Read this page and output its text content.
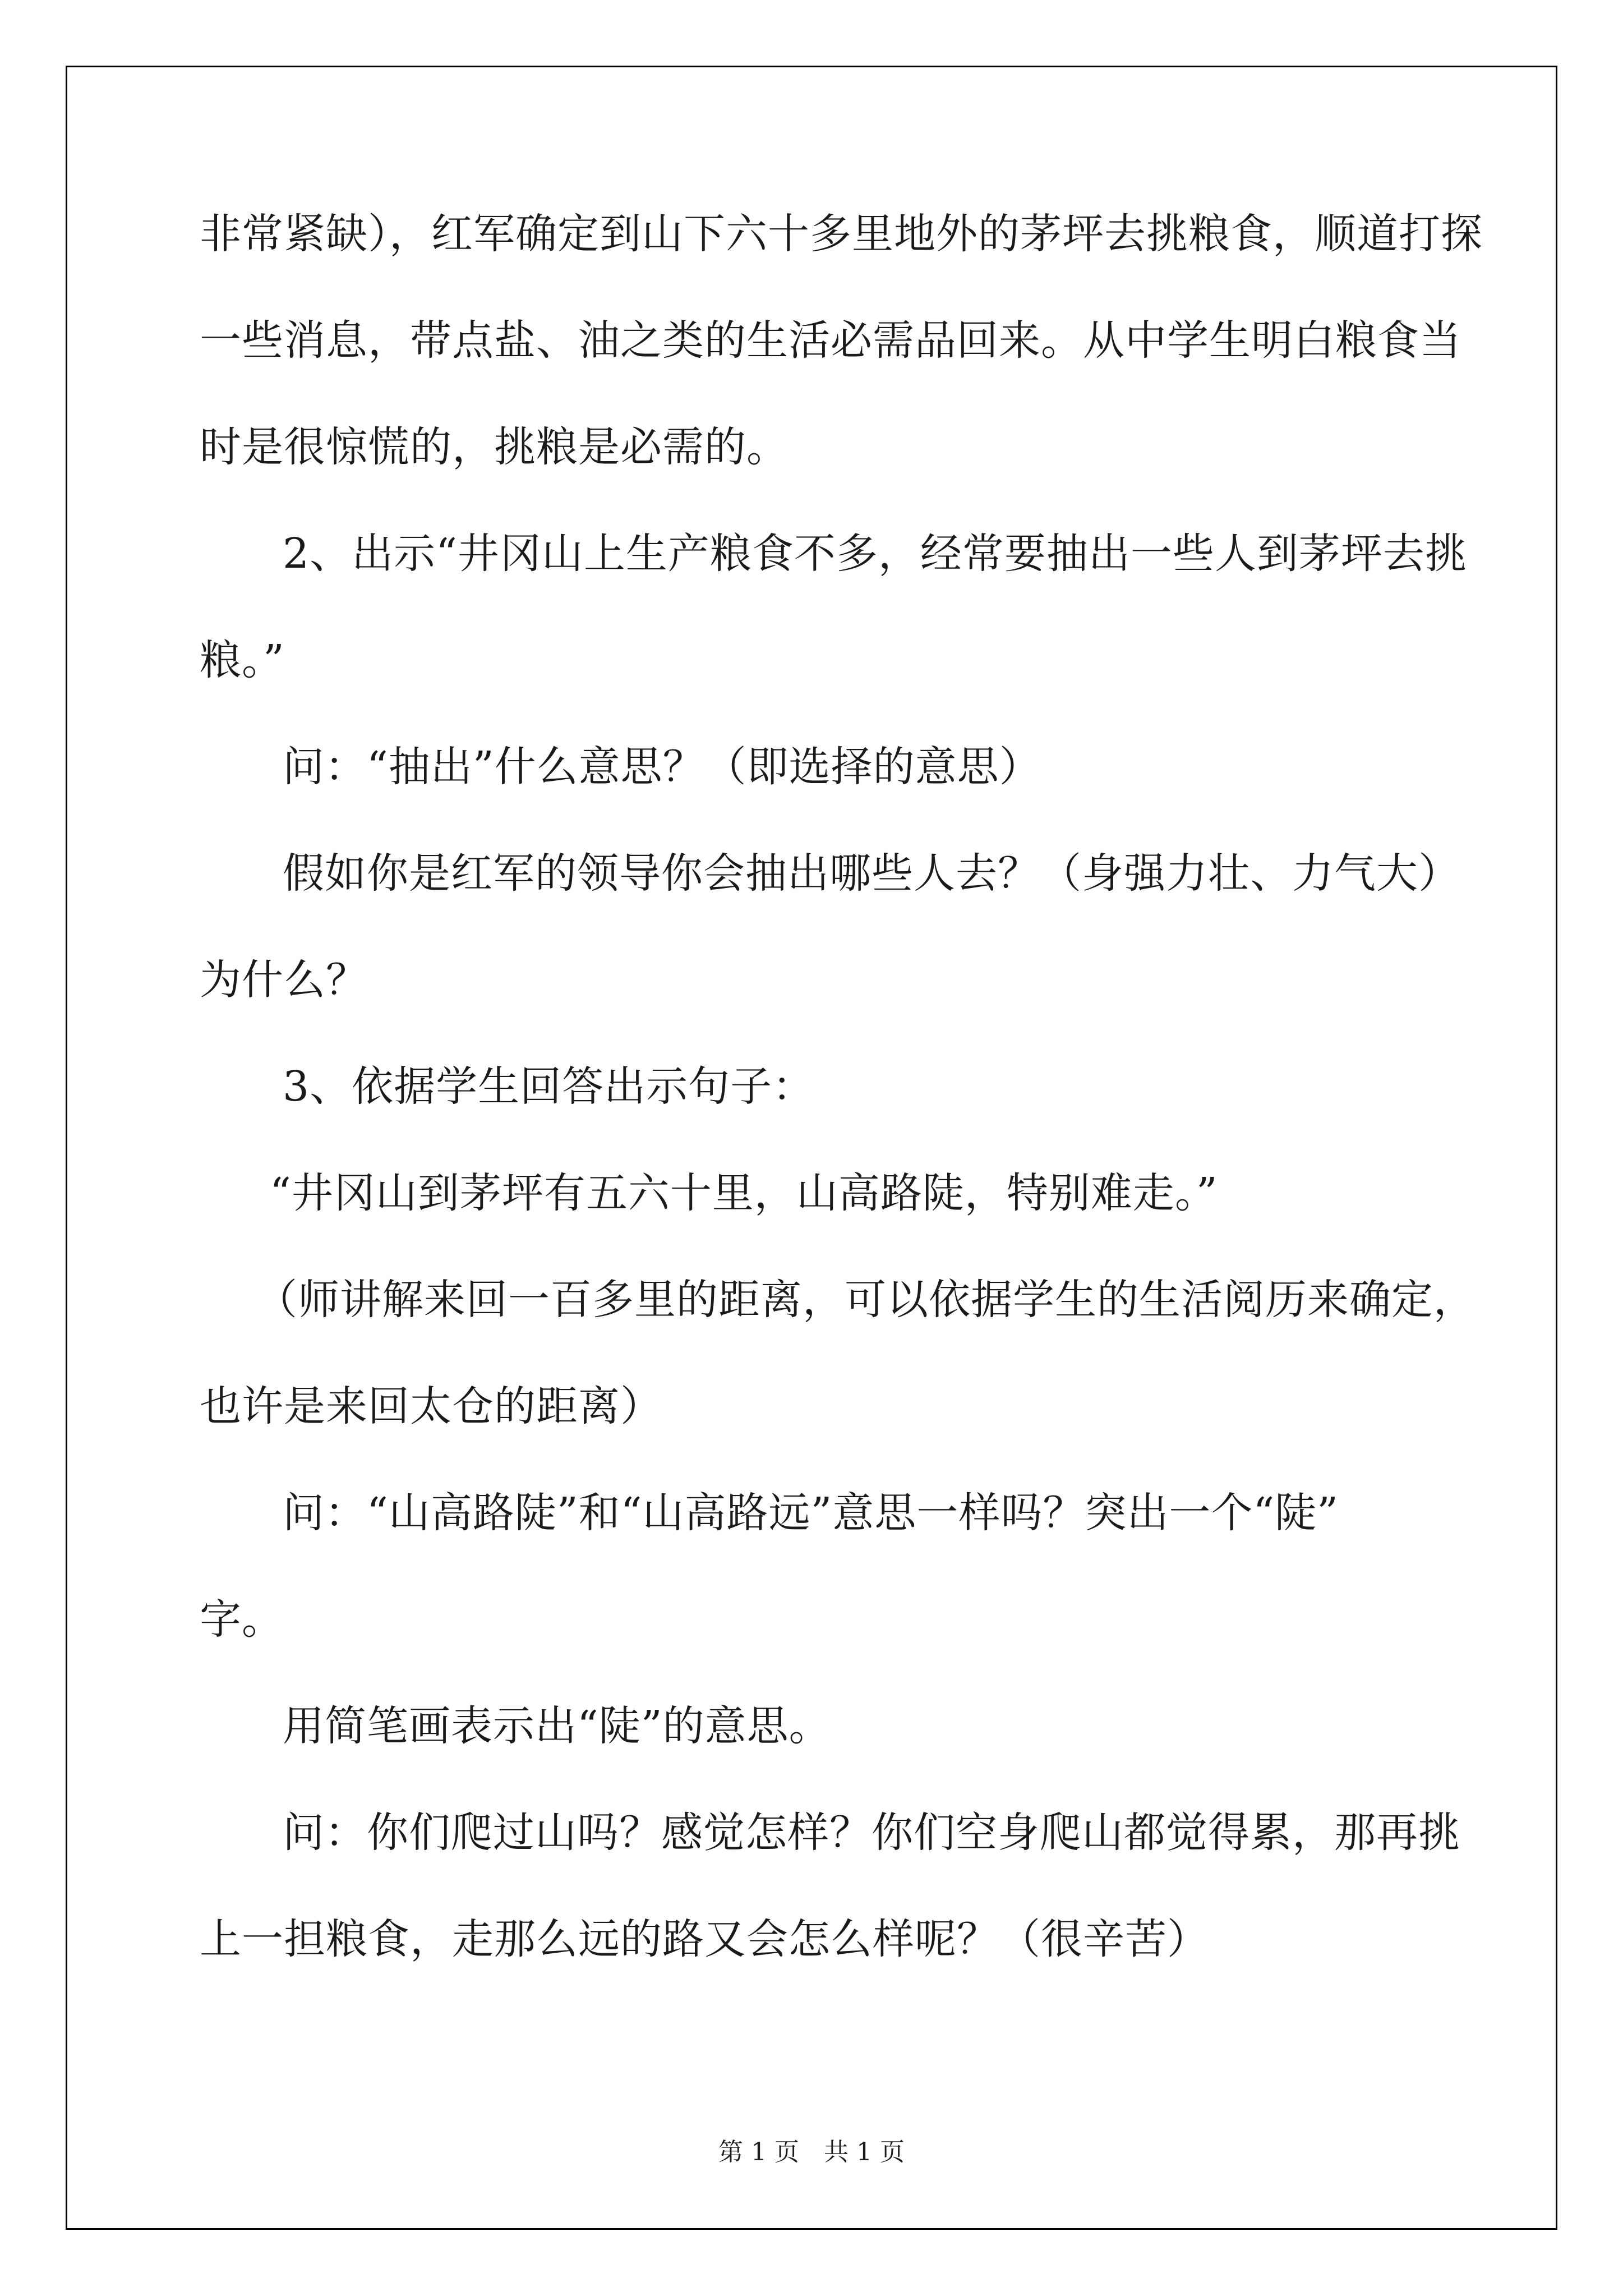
非常紧缺），红军确定到山下六十多里地外的茅坪去挑粮食，顺道打探
一些消息，带点盐、油之类的生活必需品回来。从中学生明白粮食当
时是很惊慌的，挑粮是必需的。
2、出示“井冈山上生产粮食不多，经常要抽出一些人到茅坪去挑
粮。”
问：“抽出”什么意思？（即选择的意思）
假如你是红军的领导你会抽出哪些人去？（身强力壮、力气大）
为什么？
3、依据学生回答出示句子：
“井冈山到茅坪有五六十里，山高路陡，特别难走。”
（师讲解来回一百多里的距离，可以依据学生的生活阅历来确定，
也许是来回太仓的距离）
问：“山高路陡”和“山高路远”意思一样吗？突出一个“陡”
字。
用简笔画表示出“陡”的意思。
问：你们爬过山吗？感觉怎样？你们空身爬山都觉得累，那再挑
上一担粮食，走那么远的路又会怎么样呢？（很辛苦）
第 1 页　共 1 页
